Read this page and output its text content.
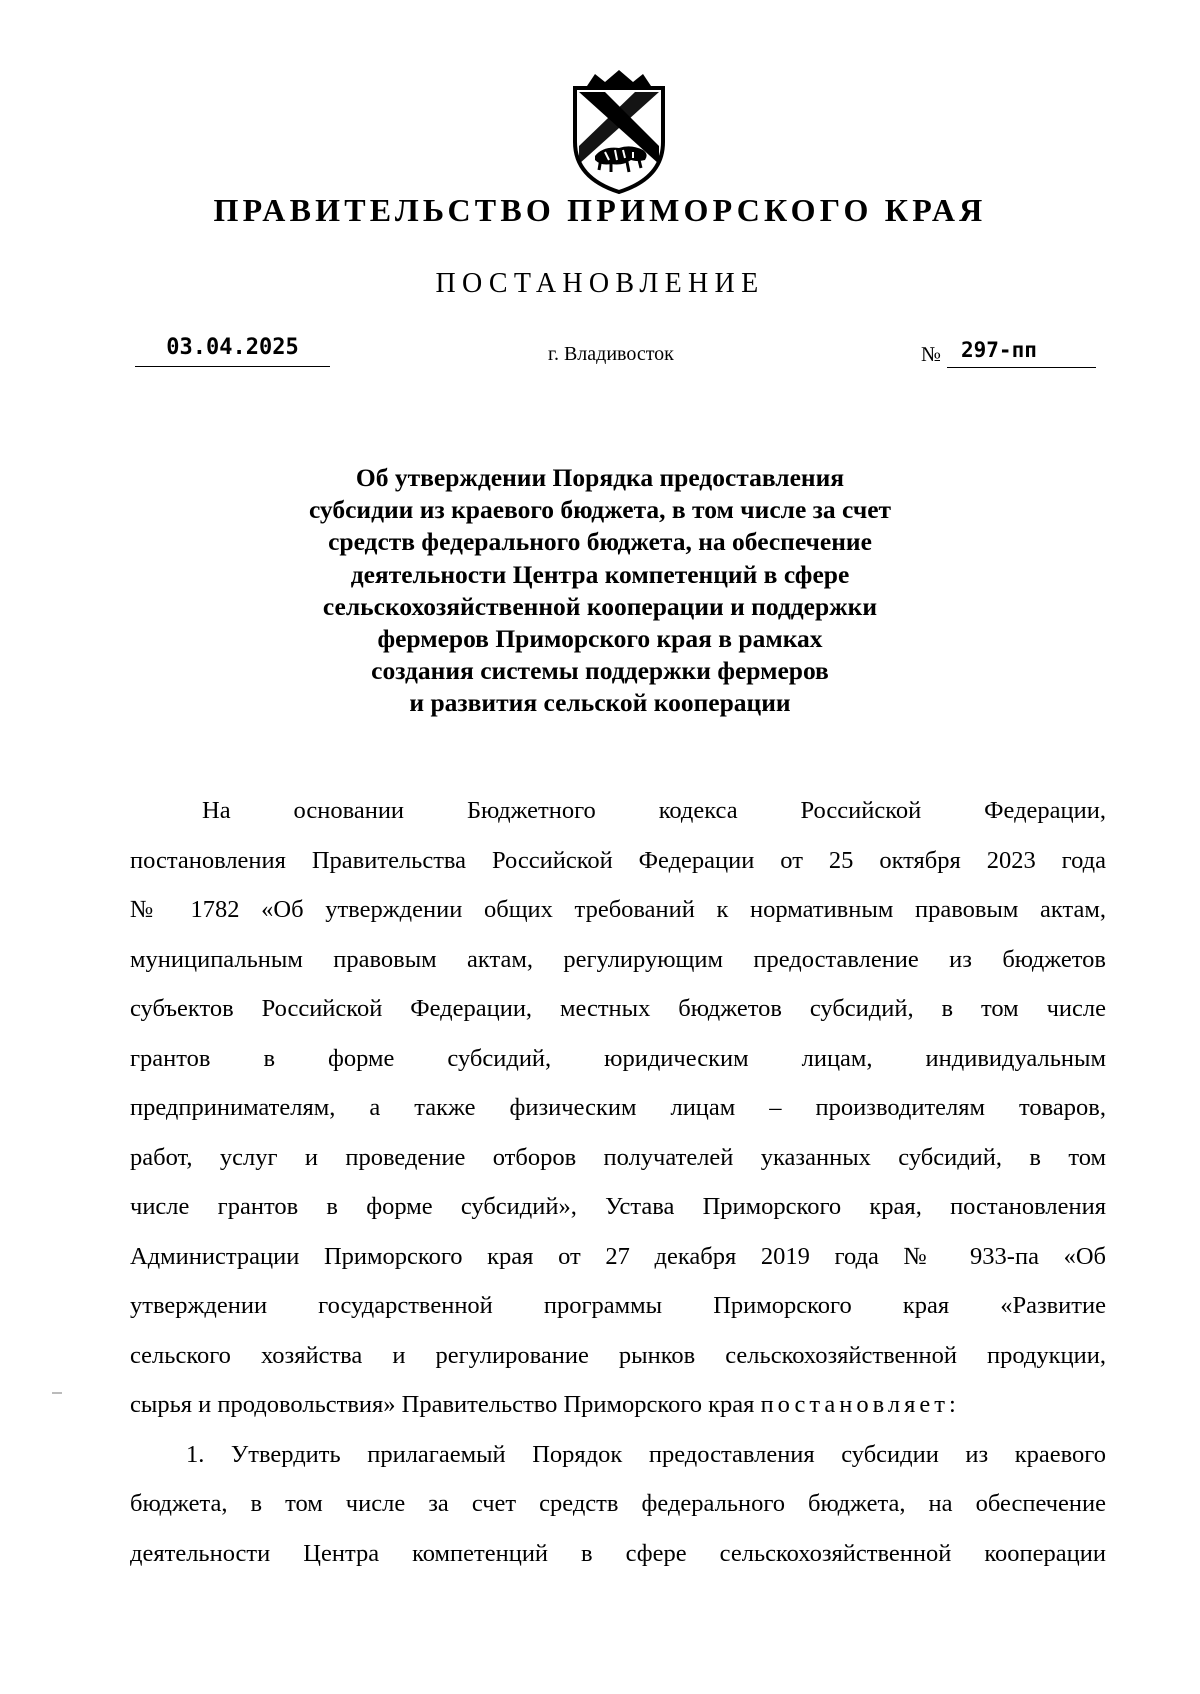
ПРАВИТЕЛЬСТВО ПРИМОРСКОГО КРАЯ
ПОСТАНОВЛЕНИЕ
03.04.2025	г. Владивосток	№ 297-пп
Об утверждении Порядка предоставления
субсидии из краевого бюджета, в том числе за счет
средств федерального бюджета, на обеспечение
деятельности Центра компетенций в сфере
сельскохозяйственной кооперации и поддержки
фермеров Приморского края в рамках
создания системы поддержки фермеров
и развития сельской кооперации
На основании Бюджетного кодекса Российской Федерации,
постановления Правительства Российской Федерации от 25 октября 2023 года
№ 1782 «Об утверждении общих требований к нормативным правовым актам,
муниципальным правовым актам, регулирующим предоставление из бюджетов
субъектов Российской Федерации, местных бюджетов субсидий, в том числе
грантов в форме субсидий, юридическим лицам, индивидуальным
предпринимателям, а также физическим лицам – производителям товаров,
работ, услуг и проведение отборов получателей указанных субсидий, в том
числе грантов в форме субсидий», Устава Приморского края, постановления
Администрации Приморского края от 27 декабря 2019 года № 933-па «Об
утверждении государственной программы Приморского края «Развитие
сельского хозяйства и регулирование рынков сельскохозяйственной продукции,
сырья и продовольствия» Правительство Приморского края постановляет:
1. Утвердить прилагаемый Порядок предоставления субсидии из краевого
бюджета, в том числе за счет средств федерального бюджета, на обеспечение
деятельности Центра компетенций в сфере сельскохозяйственной кооперации
